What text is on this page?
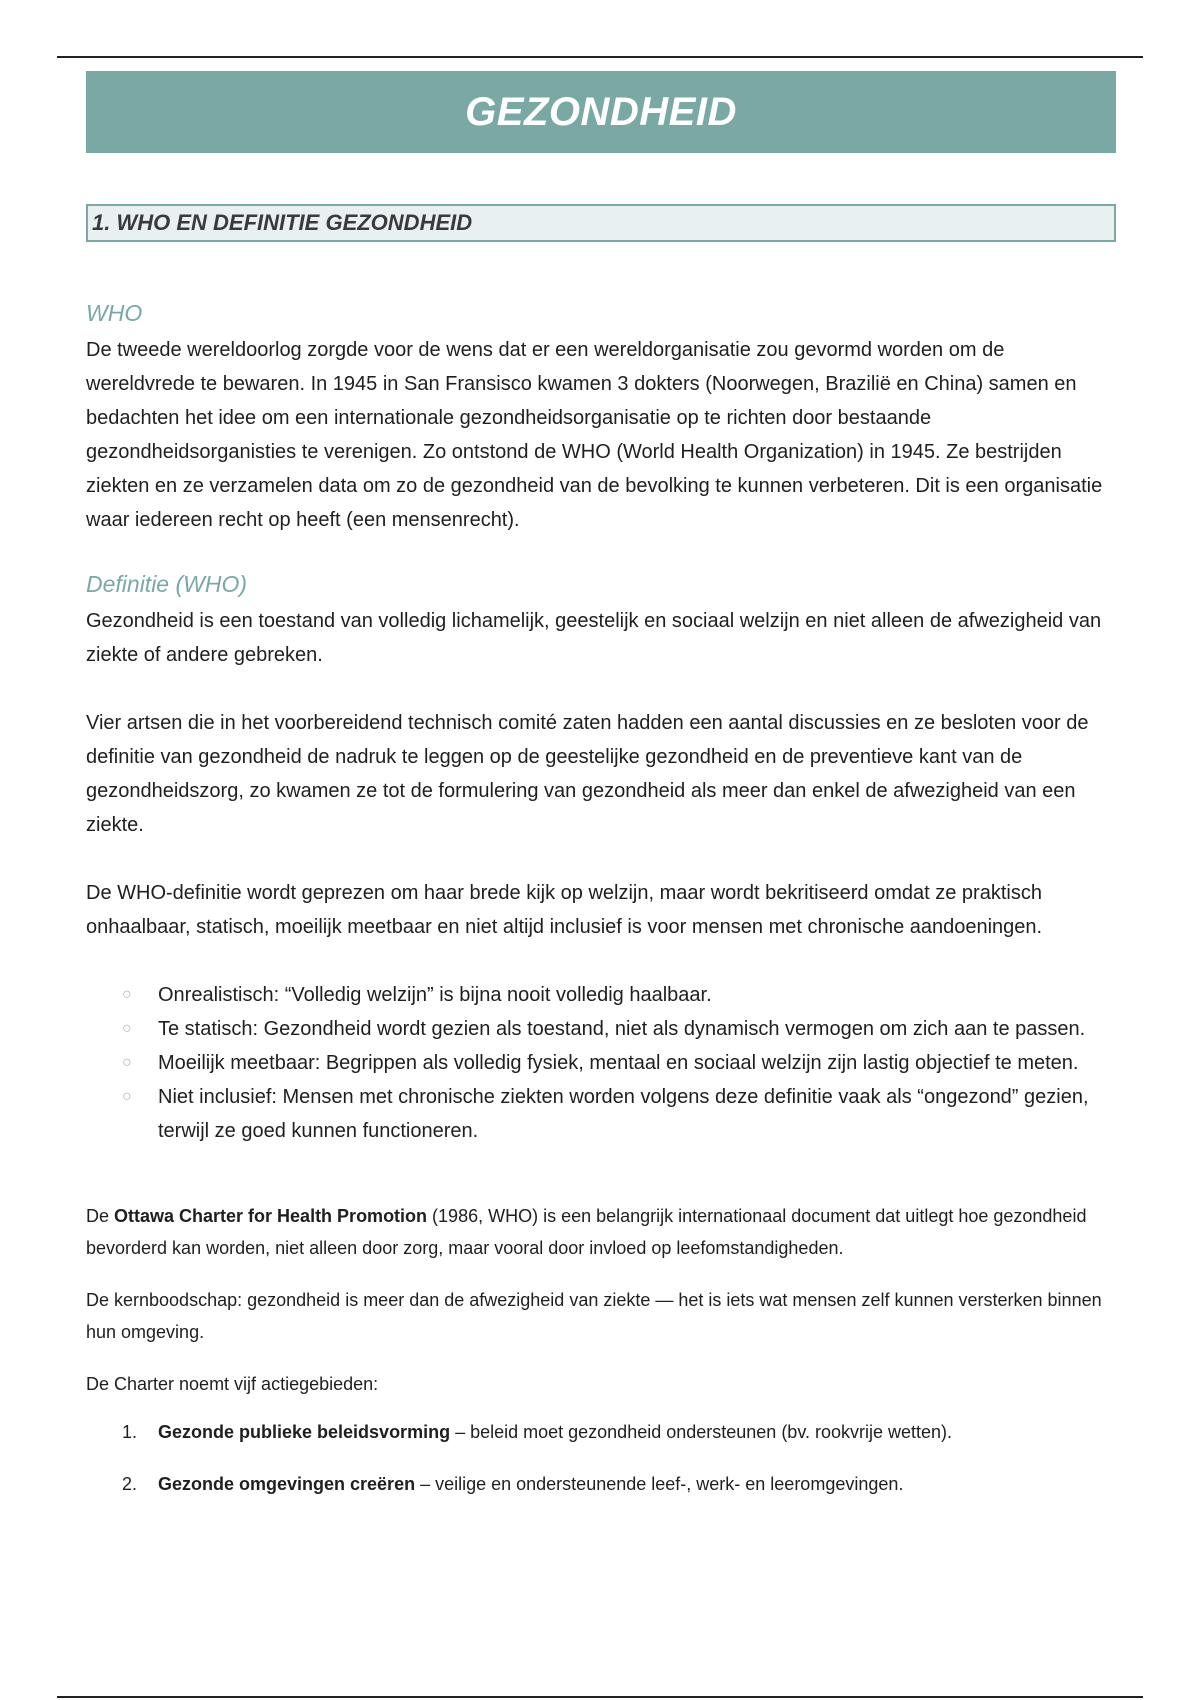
GEZONDHEID
1. WHO EN DEFINITIE GEZONDHEID
WHO

De tweede wereldoorlog zorgde voor de wens dat er een wereldorganisatie zou gevormd worden om de wereldvrede te bewaren. In 1945 in San Fransisco kwamen 3 dokters (Noorwegen, Brazilië en China) samen en bedachten het idee om een internationale gezondheidsorganisatie op te richten door bestaande gezondheidsorganisties te verenigen. Zo ontstond de WHO (World Health Organization) in 1945. Ze bestrijden ziekten en ze verzamelen data om zo de gezondheid van de bevolking te kunnen verbeteren. Dit is een organisatie waar iedereen recht op heeft (een mensenrecht).

Definitie (WHO)

Gezondheid is een toestand van volledig lichamelijk, geestelijk en sociaal welzijn en niet alleen de afwezigheid van ziekte of andere gebreken.

Vier artsen die in het voorbereidend technisch comité zaten hadden een aantal discussies en ze besloten voor de definitie van gezondheid de nadruk te leggen op de geestelijke gezondheid en de preventieve kant van de gezondheidszorg, zo kwamen ze tot de formulering van gezondheid als meer dan enkel de afwezigheid van een ziekte.

De WHO-definitie wordt geprezen om haar brede kijk op welzijn, maar wordt bekritiseerd omdat ze praktisch onhaalbaar, statisch, moeilijk meetbaar en niet altijd inclusief is voor mensen met chronische aandoeningen.

○ Onrealistisch: “Volledig welzijn” is bijna nooit volledig haalbaar.
○ Te statisch: Gezondheid wordt gezien als toestand, niet als dynamisch vermogen om zich aan te passen.
○ Moeilijk meetbaar: Begrippen als volledig fysiek, mentaal en sociaal welzijn zijn lastig objectief te meten.
○ Niet inclusief: Mensen met chronische ziekten worden volgens deze definitie vaak als “ongezond” gezien, terwijl ze goed kunnen functioneren.

De Ottawa Charter for Health Promotion (1986, WHO) is een belangrijk internationaal document dat uitlegt hoe gezondheid bevorderd kan worden, niet alleen door zorg, maar vooral door invloed op leefomstandigheden.

De kernboodschap: gezondheid is meer dan de afwezigheid van ziekte — het is iets wat mensen zelf kunnen versterken binnen hun omgeving.

De Charter noemt vijf actiegebieden:

1. Gezonde publieke beleidsvorming – beleid moet gezondheid ondersteunen (bv. rookvrije wetten).
2. Gezonde omgevingen creëren – veilige en ondersteunende leef-, werk- en leeromgevingen.
